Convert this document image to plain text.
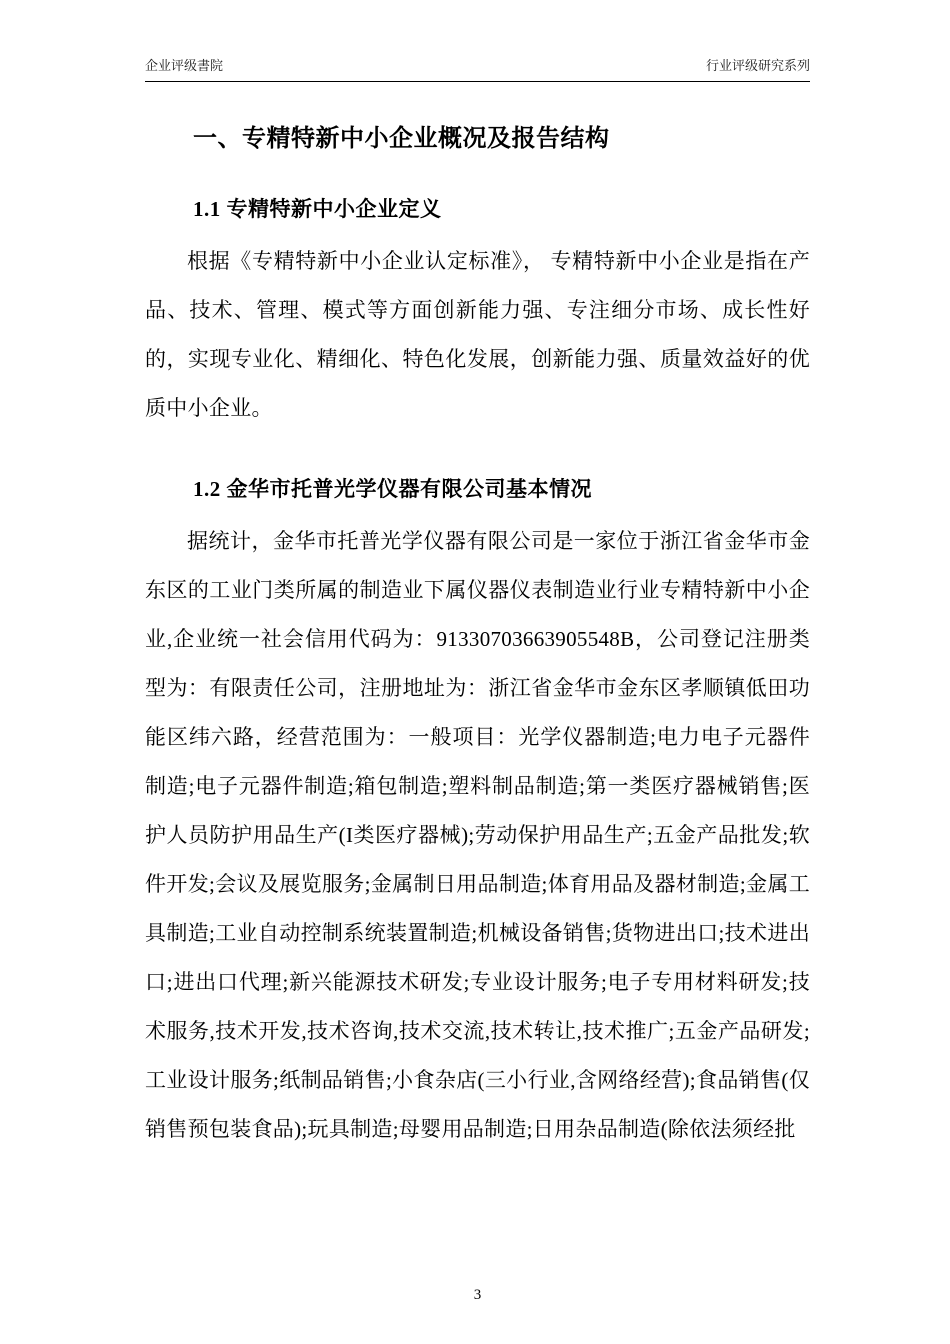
企业评级書院	行业评级研究系列
一、专精特新中小企业概况及报告结构
1.1 专精特新中小企业定义

根据《专精特新中小企业认定标准》， 专精特新中小企业是指在产品、技术、管理、模式等方面创新能力强、专注细分市场、成长性好的，实现专业化、精细化、特色化发展，创新能力强、质量效益好的优质中小企业。

1.2 金华市托普光学仪器有限公司基本情况

据统计，金华市托普光学仪器有限公司是一家位于浙江省金华市金东区的工业门类所属的制造业下属仪器仪表制造业行业专精特新中小企业,企业统一社会信用代码为：91330703663905548B，公司登记注册类型为：有限责任公司，注册地址为：浙江省金华市金东区孝顺镇低田功能区纬六路，经营范围为：一般项目：光学仪器制造;电力电子元器件制造;电子元器件制造;箱包制造;塑料制品制造;第一类医疗器械销售;医护人员防护用品生产(I类医疗器械);劳动保护用品生产;五金产品批发;软件开发;会议及展览服务;金属制日用品制造;体育用品及器材制造;金属工具制造;工业自动控制系统装置制造;机械设备销售;货物进出口;技术进出口;进出口代理;新兴能源技术研发;专业设计服务;电子专用材料研发;技术服务,技术开发,技术咨询,技术交流,技术转让,技术推广;五金产品研发;工业设计服务;纸制品销售;小食杂店(三小行业,含网络经营);食品销售(仅销售预包装食品);玩具制造;母婴用品制造;日用杂品制造(除依法须经批

3
